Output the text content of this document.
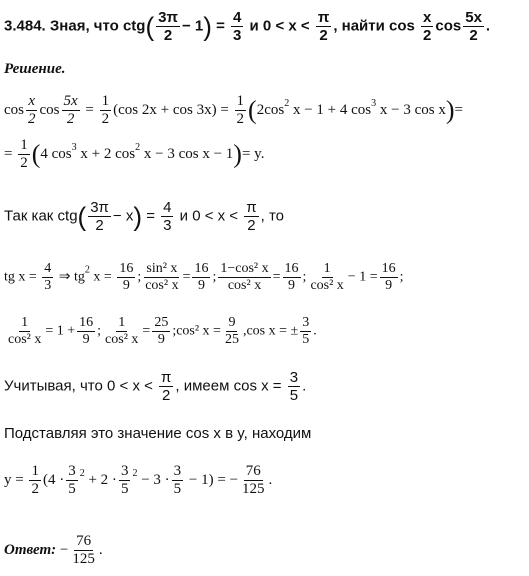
3.484. Зная, что $ctg( \frac{3\pi}{2} - 1) = \frac{4}{3}$ и $0 < x < \frac{\pi}{2}$ , найти $\cos \frac{x}{2}$ $\cos \frac{5x}{2}$ .
Решение.
$\cos \frac{x}{2}$ $\cos \frac{5x}{2} = \frac{1}{2} (\cos$ $2x + \cos 3x) = \frac{1}{2} (2\cos^2$ x − 1 + 4 $\cos^3 x - 3$ cos x)=
= $\frac{1}{2} (4$ $\cos^3 x + 2$ $\cos^2 x - 3$ cos x − 1)= y.
Так как $ctg( \frac{3\pi}{2} - x) = \frac{4}{3}$ и $0 < x < \frac{\pi}{2}$ , то
tg $x = \frac{4}{3}$ ⇒ $tg^2$ $x = \frac{16}{9}$ ; $\frac{\text{sin² x}}{\text{cos² x}} = \frac{16}{9}$ ; $\frac{\text{1−cos² x}}{\text{cos² x}} = \frac{16}{9}$ ; $\frac{1}{\text{cos² x}} - 1 = \frac{16}{9}$ ;
$\frac{1}{\text{cos² x}} = 1 + \frac{16}{9}$ ; $\frac{1}{\text{cos² x}} = \frac{25}{9}$ ;cos² $x = \frac{9}{25} ,\cos$ x = ± $\frac{3}{5}$ .
Учитывая, что $0 < x < \frac{\pi}{2}$ , имеем $\cos x = \frac{3}{5}$ .
Подставляя это значение cos x в y, находим
$y = \frac{1}{2} (4 \cdot \frac{3}{5} ^2 + 2 \cdot \frac{3}{5} ^2 - 3 \cdot \frac{3}{5} - 1)$ = − $\frac{76}{125}$ .
Ответ: − $\frac{76}{125}$ .
